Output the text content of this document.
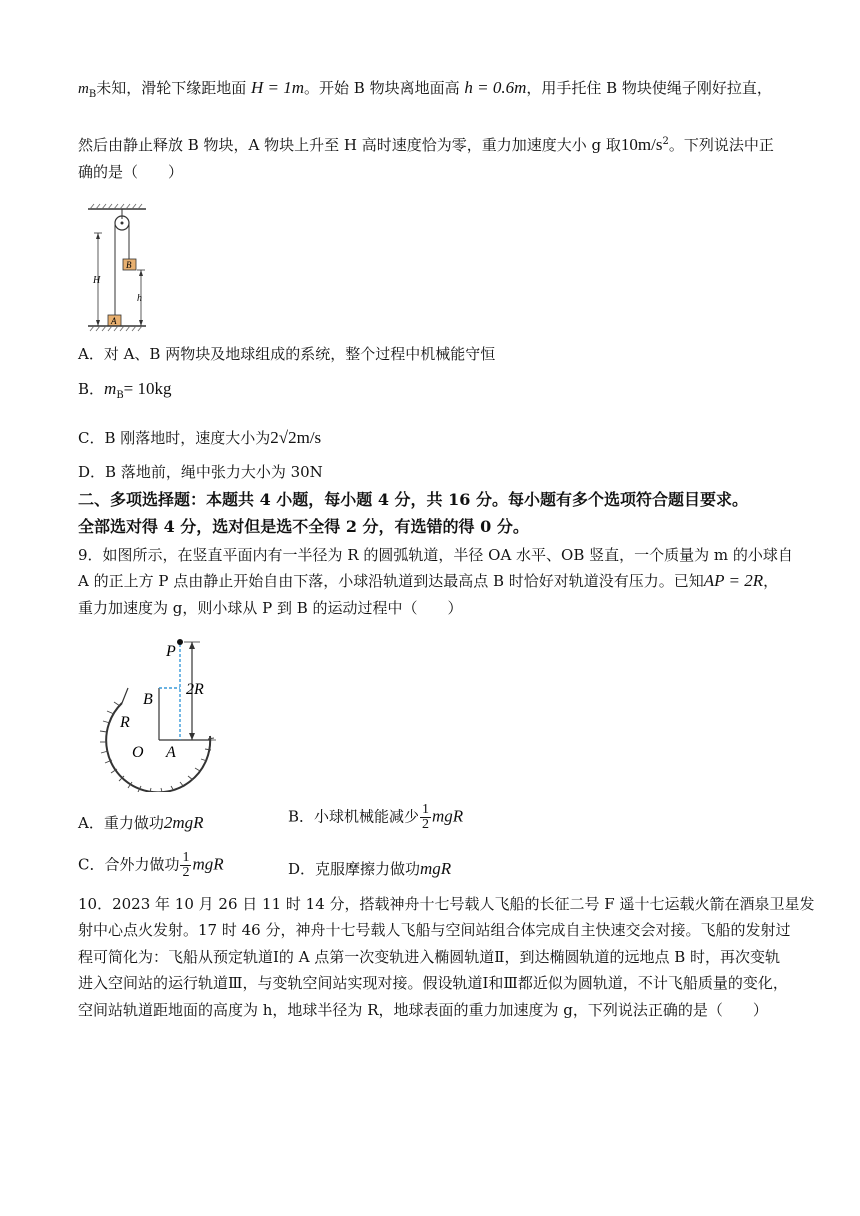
$m_B$未知，滑轮下缘距地面 H = 1m。开始 B 物块离地面高 h = 0.6m，用手托住 B 物块使绳子刚好拉直，
然后由静止释放 B 物块，A 物块上升至 H 高时速度恰为零，重力加速度大小 g 取$10m/s^2$。下列说法中正
确的是（　　）
B
A
H
h
A．对 A、B 两物块及地球组成的系统，整个过程中机械能守恒
B．$m_B= 10kg$
C．B 刚落地时，速度大小为2√2m/s
D．B 落地前，绳中张力大小为 30N
二、多项选择题：本题共 4 小题，每小题 4 分，共 16 分。每小题有多个选项符合题目要求。
全部选对得 4 分，选对但是选不全得 2 分，有选错的得 0 分。
9．如图所示，在竖直平面内有一半径为 R 的圆弧轨道，半径 OA 水平、OB 竖直，一个质量为 m 的小球自
A 的正上方 P 点由静止开始自由下落，小球沿轨道到达最高点 B 时恰好对轨道没有压力。已知AP = 2R，
重力加速度为 g，则小球从 P 到 B 的运动过程中（　　）
P
2R
B
R
O A
A．重力做功2mgR	B．小球机械能减少 $\frac{1}{2}$ mgR
C．合外力做功 $\frac{1}{2}$ mgR	D．克服摩擦力做功mgR
10．2023 年 10 月 26 日 11 时 14 分，搭载神舟十七号载人飞船的长征二号 F 遥十七运载火箭在酒泉卫星发
射中心点火发射。17 时 46 分，神舟十七号载人飞船与空间站组合体完成自主快速交会对接。飞船的发射过
程可简化为：飞船从预定轨道Ⅰ的 A 点第一次变轨进入椭圆轨道Ⅱ，到达椭圆轨道的远地点 B 时，再次变轨
进入空间站的运行轨道Ⅲ，与变轨空间站实现对接。假设轨道Ⅰ和Ⅲ都近似为圆轨道，不计飞船质量的变化，
空间站轨道距地面的高度为 h，地球半径为 R，地球表面的重力加速度为 g，下列说法正确的是（　　）
